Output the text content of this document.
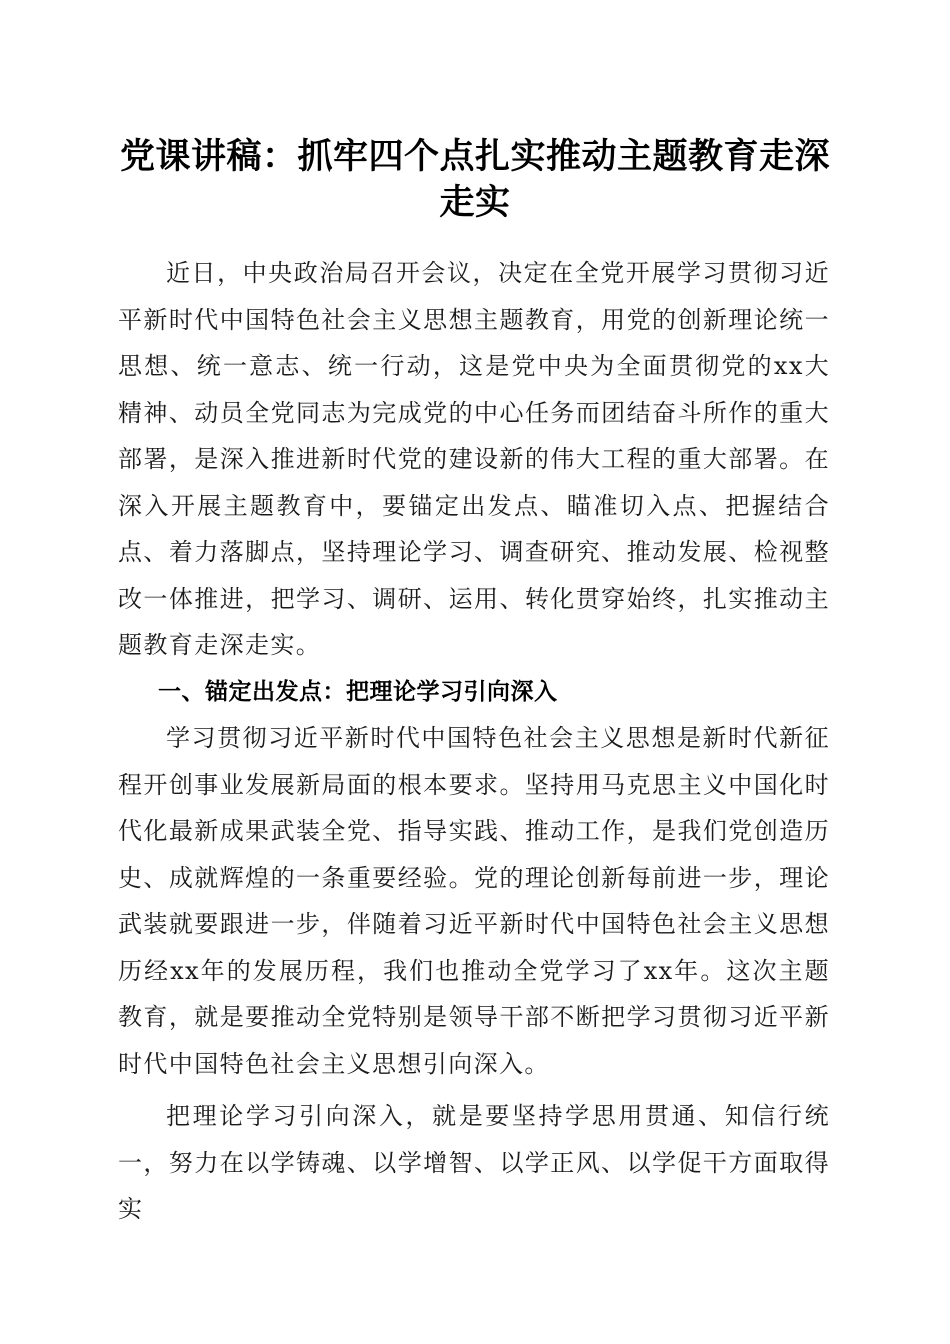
党课讲稿：抓牢四个点扎实推动主题教育走深走实

近日，中央政治局召开会议，决定在全党开展学习贯彻习近平新时代中国特色社会主义思想主题教育，用党的创新理论统一思想、统一意志、统一行动，这是党中央为全面贯彻党的xx大精神、动员全党同志为完成党的中心任务而团结奋斗所作的重大部署，是深入推进新时代党的建设新的伟大工程的重大部署。在深入开展主题教育中，要锚定出发点、瞄准切入点、把握结合点、着力落脚点，坚持理论学习、调查研究、推动发展、检视整改一体推进，把学习、调研、运用、转化贯穿始终，扎实推动主题教育走深走实。

一、锚定出发点：把理论学习引向深入

学习贯彻习近平新时代中国特色社会主义思想是新时代新征程开创事业发展新局面的根本要求。坚持用马克思主义中国化时代化最新成果武装全党、指导实践、推动工作，是我们党创造历史、成就辉煌的一条重要经验。党的理论创新每前进一步，理论武装就要跟进一步，伴随着习近平新时代中国特色社会主义思想历经xx年的发展历程，我们也推动全党学习了xx年。这次主题教育，就是要推动全党特别是领导干部不断把学习贯彻习近平新时代中国特色社会主义思想引向深入。

把理论学习引向深入，就是要坚持学思用贯通、知信行统一，努力在以学铸魂、以学增智、以学正风、以学促干方面取得实
